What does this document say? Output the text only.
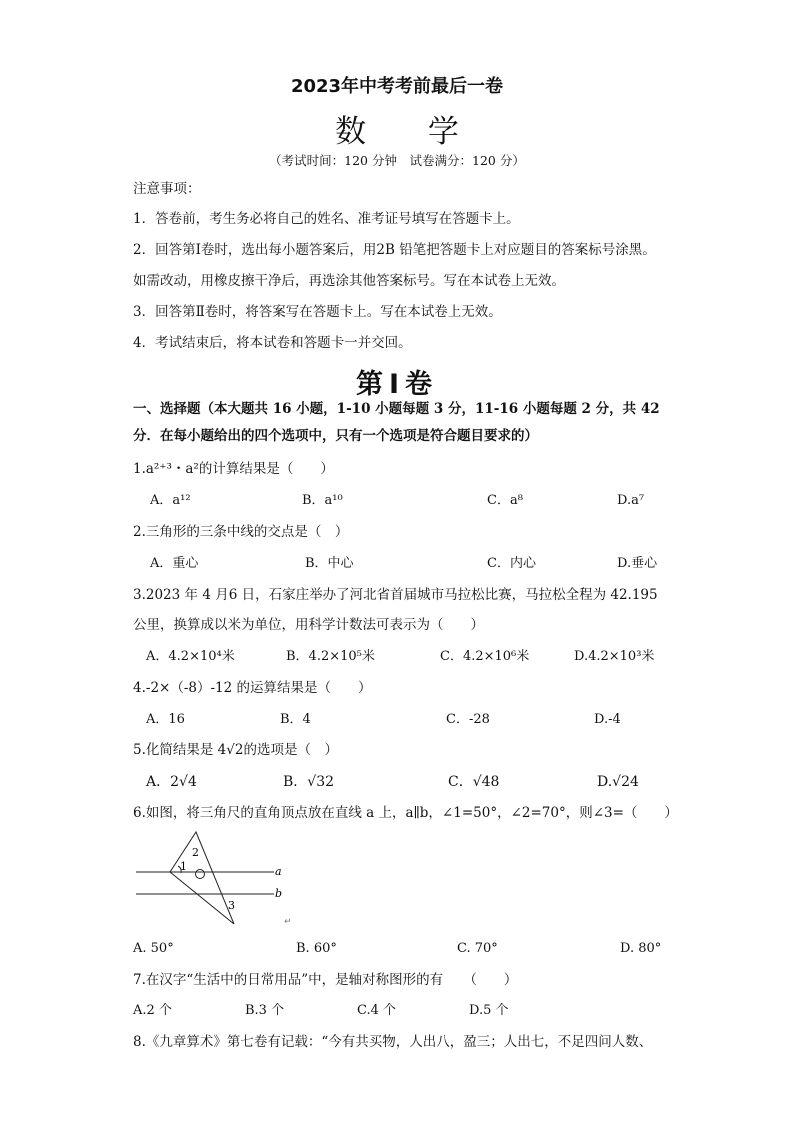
2023年中考考前最后一卷
数 学
（考试时间：120 分钟　试卷满分：120 分）
注意事项：
1．答卷前，考生务必将自己的姓名、准考证号填写在答题卡上。
2．回答第Ⅰ卷时，选出每小题答案后，用2B 铅笔把答题卡上对应题目的答案标号涂黑。
如需改动，用橡皮擦干净后，再选涂其他答案标号。写在本试卷上无效。
3．回答第Ⅱ卷时，将答案写在答题卡上。写在本试卷上无效。
4．考试结束后，将本试卷和答题卡一并交回。
第Ⅰ卷
一、选择题（本大题共 16 小题，1-10 小题每题 3 分，11-16 小题每题 2 分，共 42
分．在每小题给出的四个选项中，只有一个选项是符合题目要求的）
1.a²⁺³・a²的计算结果是（　　）
A．a¹²	B．a¹⁰	C．a⁸	D.a⁷
2.三角形的三条中线的交点是（　）
A．重心	B．中心	C．内心	D.垂心
3.2023 年 4 月6 日，石家庄举办了河北省首届城市马拉松比赛，马拉松全程为 42.195
公里，换算成以米为单位，用科学计数法可表示为（　　）
A．4.2×10⁴米	B．4.2×10⁵米	C．4.2×10⁶米	D.4.2×10³米
4.-2×（-8）-12 的运算结果是（　　）
A．16	B．4	C．-28	D.-4
5.化简结果是 4√2的选项是（　）
A．2√4	B．√32	C．√48	D.√24
6.如图，将三角尺的直角顶点放在直线 a 上，a∥b，∠1=50°，∠2=70°，则∠3=（　　）
1
2
3
a
b
↵
A. 50°	B. 60°	C. 70°	D. 80°
7.在汉字“生活中的日常用品”中，是轴对称图形的有　　（　　）
A.2 个	B.3 个	C.4 个	D.5 个
8.《九章算术》第七卷有记载：“今有共买物，人出八，盈三；人出七，不足四问人数、
